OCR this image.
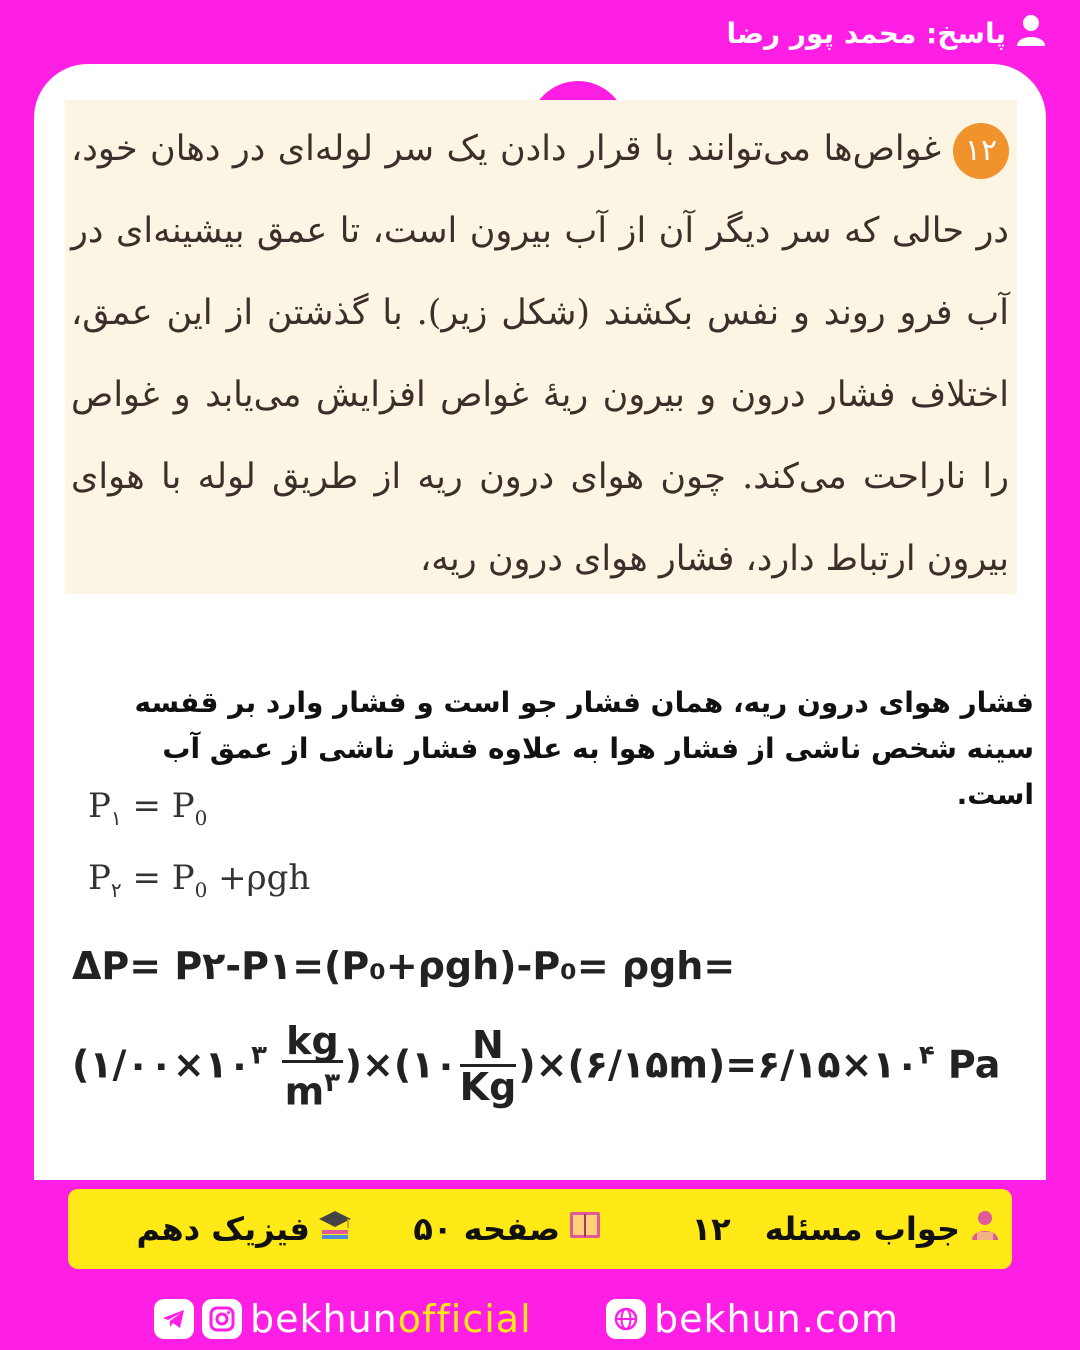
پاسخ: محمد پور رضا
۱۲غواص‌ها می‌توانند با قرار دادن یک سر لوله‌ای در دهان خود، در حالی که سر دیگر آن از آب بیرون است، تا عمق بیشینه‌ای در آب فرو روند و نفس بکشند (شکل زیر). با گذشتن از این عمق، اختلاف فشار درون و بیرون ریهٔ غواص افزایش می‌یابد و غواص را ناراحت می‌کند. چون هوای درون ریه از طریق لوله با هوای بیرون ارتباط دارد، فشار هوای درون ریه،
فشار هوای درون ریه، همان فشار جو است و فشار وارد بر قفسه سینه شخص ناشی از فشار هوا به علاوه فشار ناشی از عمق آب است.
$P_۱ = P_0$
$P_۲ = P_0 +\rho gh$
ΔP= P۲-P۱=(P₀+ρgh)-P₀= ρgh=
($۱/۰۰\times ۱۰^۳ \frac{kg}{m^۳}$ )×(۱۰ $\frac{N}{Kg}$ )$\times(۶/۱۵m)=۶/۱۵\times ۱۰^۴$ Pa
جواب مسئله
۱۲
صفحه ۵۰
فیزیک دهم
bekhunofficial	bekhun.com
